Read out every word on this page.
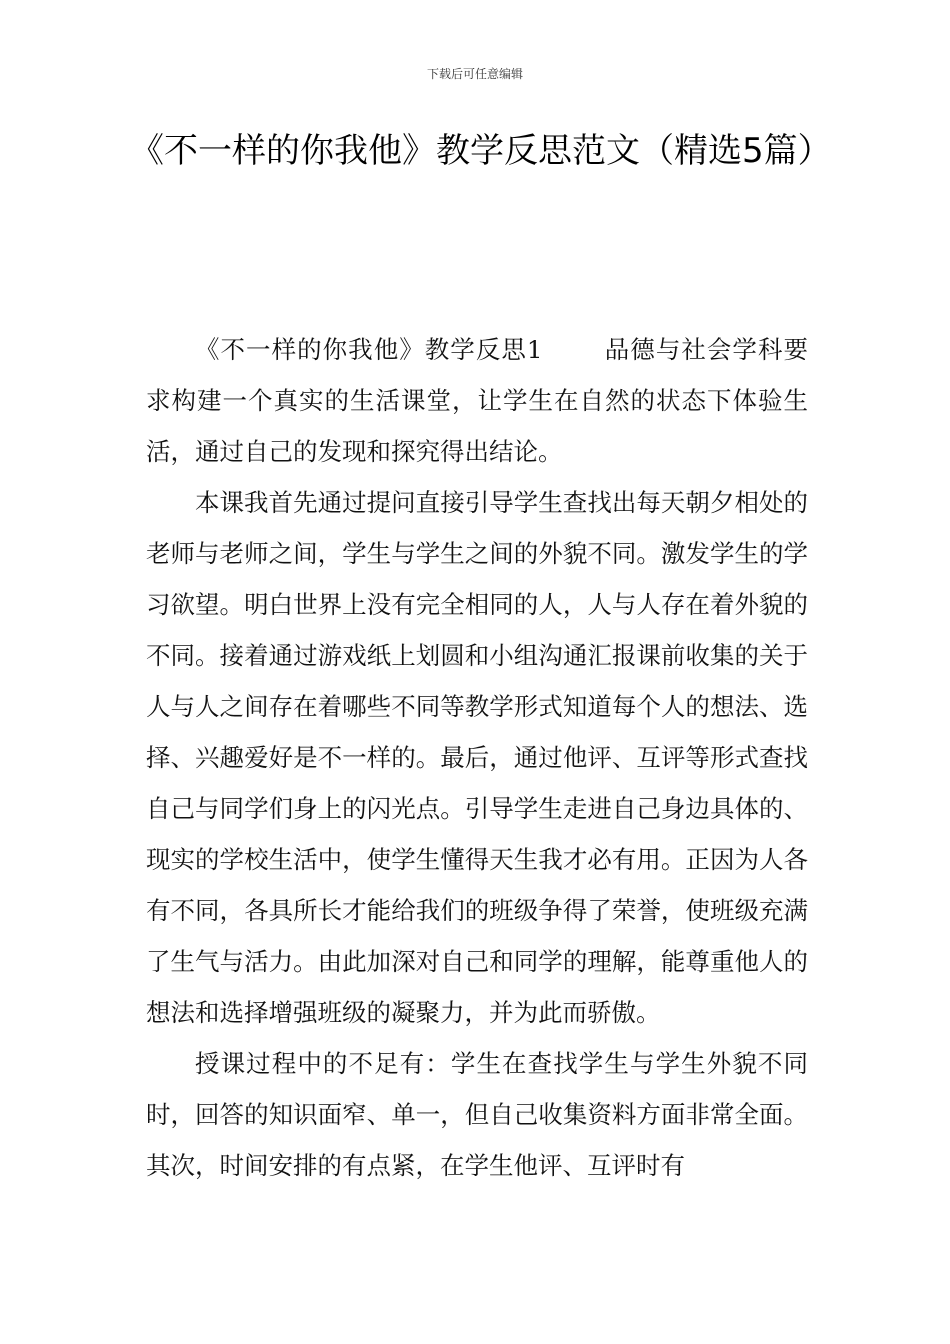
下载后可任意编辑
《不一样的你我他》教学反思范文（精选5篇）

《不一样的你我他》教学反思1	品德与社会学科要求构建一个真实的生活课堂，让学生在自然的状态下体验生活，通过自己的发现和探究得出结论。

本课我首先通过提问直接引导学生查找出每天朝夕相处的老师与老师之间，学生与学生之间的外貌不同。激发学生的学习欲望。明白世界上没有完全相同的人，人与人存在着外貌的不同。接着通过游戏纸上划圆和小组沟通汇报课前收集的关于人与人之间存在着哪些不同等教学形式知道每个人的想法、选择、兴趣爱好是不一样的。最后，通过他评、互评等形式查找自己与同学们身上的闪光点。引导学生走进自己身边具体的、现实的学校生活中，使学生懂得天生我才必有用。正因为人各有不同，各具所长才能给我们的班级争得了荣誉，使班级充满了生气与活力。由此加深对自己和同学的理解，能尊重他人的想法和选择增强班级的凝聚力，并为此而骄傲。

授课过程中的不足有：学生在查找学生与学生外貌不同时，回答的知识面窄、单一，但自己收集资料方面非常全面。其次，时间安排的有点紧，在学生他评、互评时有
